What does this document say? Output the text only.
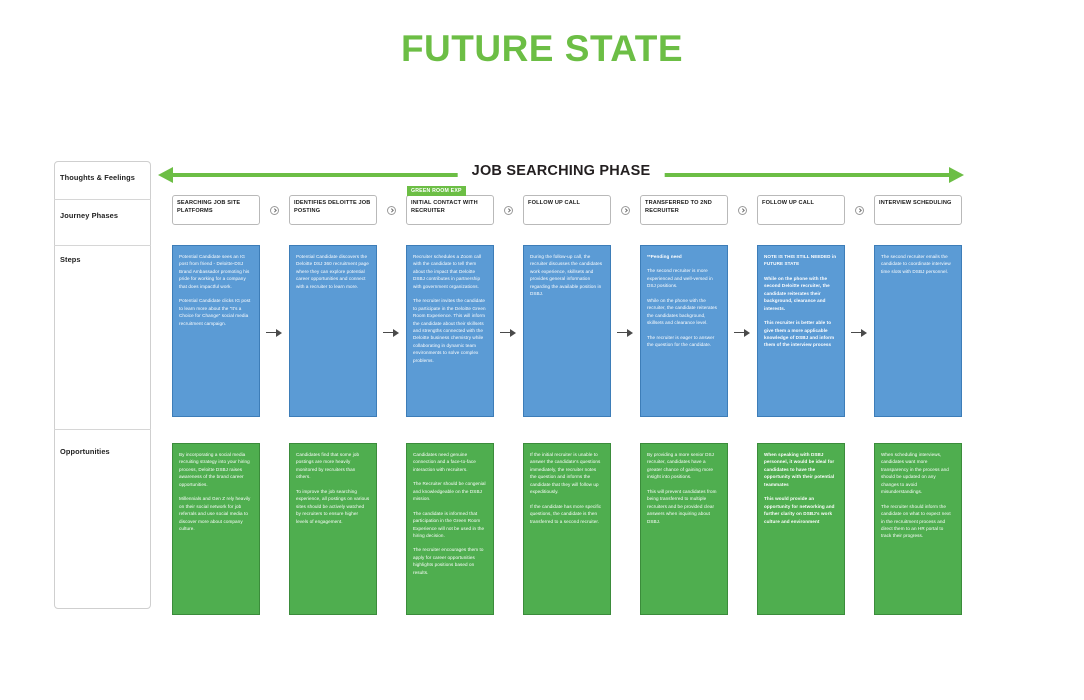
FUTURE STATE
Thoughts & Feelings
Journey Phases
Steps
Opportunities
JOB SEARCHING PHASE
SEARCHING JOB SITE PLATFORMS

Potential Candidate sees an IG post from friend - Deloitte-DSJ Brand Ambassador promoting his pride for working for a company that does impactful work.

Potential Candidate clicks IG post to learn more about the "It's a Choice for Change" social media recruitment campaign.

By incorporating a social media recruiting strategy into your hiring process, Deloitte DSBJ raises awareness of the brand career opportunities.

Millennials and Gen Z rely heavily on their social network for job referrals and use social media to discover more about company culture.

IDENTIFIES DELOITTE JOB POSTING

Potential Candidate discovers the Deloitte DSJ 360 recruitment page where they can explore potential career opportunities and connect with a recruiter to learn more.

Candidates find that some job postings are more heavily monitored by recruiters than others.

To improve the job searching experience, all postings on various sites should be actively watched by recruiters to ensure higher levels of engagement.

GREEN ROOM EXP
INITIAL CONTACT WITH RECRUITER

Recruiter schedules a Zoom call with the candidate to tell them about the impact that Deloitte DSBJ contributes in partnership with government organizations.

The recruiter invites the candidate to participate in the Deloitte Green Room Experience. This will inform the candidate about their skillsets and strengths connected with the Deloitte business chemistry while collaborating in dynamic team environments to solve complex problems.

Candidates need genuine connection and a face-to-face interaction with recruiters.

The Recruiter should be congenial and knowledgeable on the DSBJ mission.

The candidate is informed that participation in the Green Room Experience will not be used in the hiring decision.

The recruiter encourages them to apply for career opportunities highlights positions based on results.

FOLLOW UP CALL

During the follow-up call, the recruiter discusses the candidates work experience, skillsets and provides general information regarding the available position in DSBJ.

If the initial recruiter is unable to answer the candidate's questions immediately, the recruiter notes the question and informs the candidate that they will follow up expeditiously.

If the candidate has more specific questions, the candidate is then transferred to a second recruiter.

TRANSFERRED TO 2ND RECRUITER

**Pending need

The second recruiter is more experienced and well-versed in DSJ positions.

While on the phone with the recruiter, the candidate reiterates the candidates background, skillsets and clearance level.

The recruiter is eager to answer the question for the candidate.

By providing a more senior DSJ recruiter, candidates have a greater chance of gaining more insight into positions.

This will prevent candidates from being transferred to multiple recruiters and be provided clear answers when inquiring about DSBJ.

FOLLOW UP CALL

NOTE IS THIS STILL NEEDED in FUTURE STATE

While on the phone with the second Deloitte recruiter, the candidate reiterates their background, clearance and interests.

This recruiter is better able to give them a more applicable knowledge of DSBJ and inform them of the interview process

When speaking with DSBJ personnel, it would be ideal for candidates to have the opportunity with their potential teammates

This would provide an opportunity for networking and further clarity on DSBJ's work culture and environment

INTERVIEW SCHEDULING

The second recruiter emails the candidate to coordinate interview time slots with DSBJ personnel.

When scheduling interviews, candidates want more transparency in the process and should be updated on any changes to avoid misunderstandings.

The recruiter should inform the candidate on what to expect next in the recruitment process and direct them to an HR portal to track their progress.
